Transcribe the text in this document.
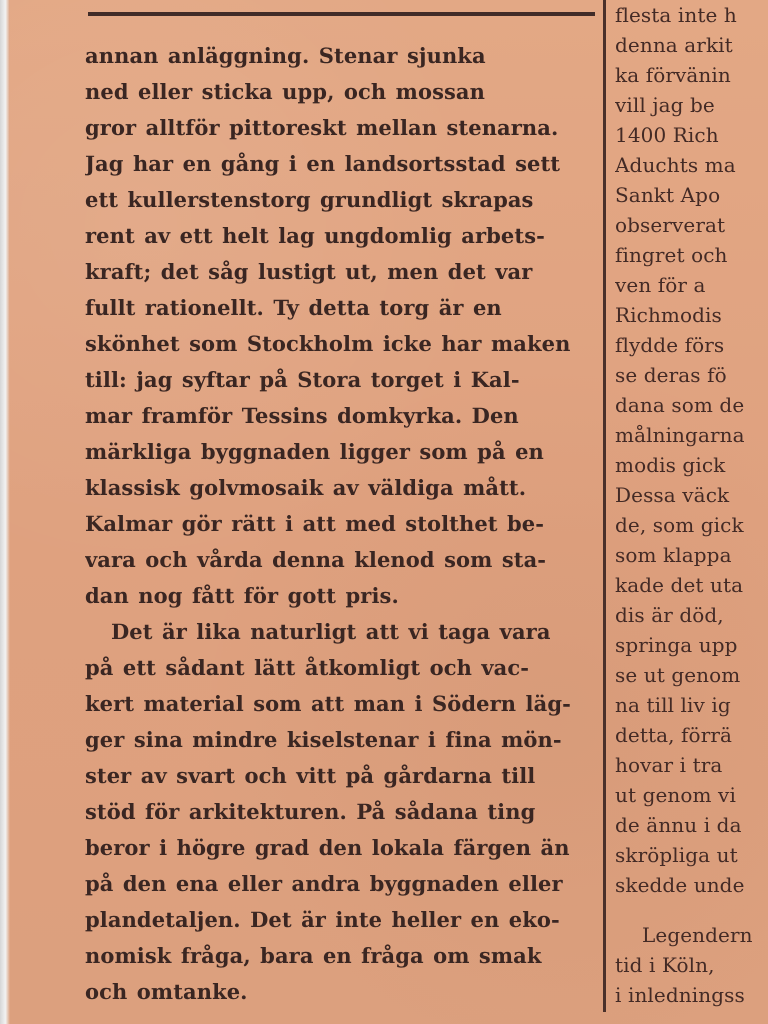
annan anläggning. Stenar sjunka
ned eller sticka upp, och mossan
gror alltför pittoreskt mellan stenarna.
Jag har en gång i en landsortsstad sett
ett kullerstenstorg grundligt skrapas
rent av ett helt lag ungdomlig arbets-
kraft; det såg lustigt ut, men det var
fullt rationellt. Ty detta torg är en
skönhet som Stockholm icke har maken
till: jag syftar på Stora torget i Kal-
mar framför Tessins domkyrka. Den
märkliga byggnaden ligger som på en
klassisk golvmosaik av väldiga mått.
Kalmar gör rätt i att med stolthet be-
vara och vårda denna klenod som sta-
dan nog fått för gott pris.
Det är lika naturligt att vi taga vara
på ett sådant lätt åtkomligt och vac-
kert material som att man i Södern läg-
ger sina mindre kiselstenar i fina mön-
ster av svart och vitt på gårdarna till
stöd för arkitekturen. På sådana ting
beror i högre grad den lokala färgen än
på den ena eller andra byggnaden eller
plandetaljen. Det är inte heller en eko-
nomisk fråga, bara en fråga om smak
och omtanke.
flesta inte h
denna arkit
ka förvänin
vill jag be
1400 Rich
Aduchts ma
Sankt Apo
observerat
fingret och
ven för a
Richmodis
flydde förs
se deras fö
dana som de
målningarna
modis gick
Dessa väck
de, som gick
som klappa
kade det uta
dis är död,
springa upp
se ut genom
na till liv ig
detta, förrä
hovar i tra
ut genom vi
de ännu i da
skröpliga ut
skedde unde
Legendern
tid i Köln,
i inledningss
